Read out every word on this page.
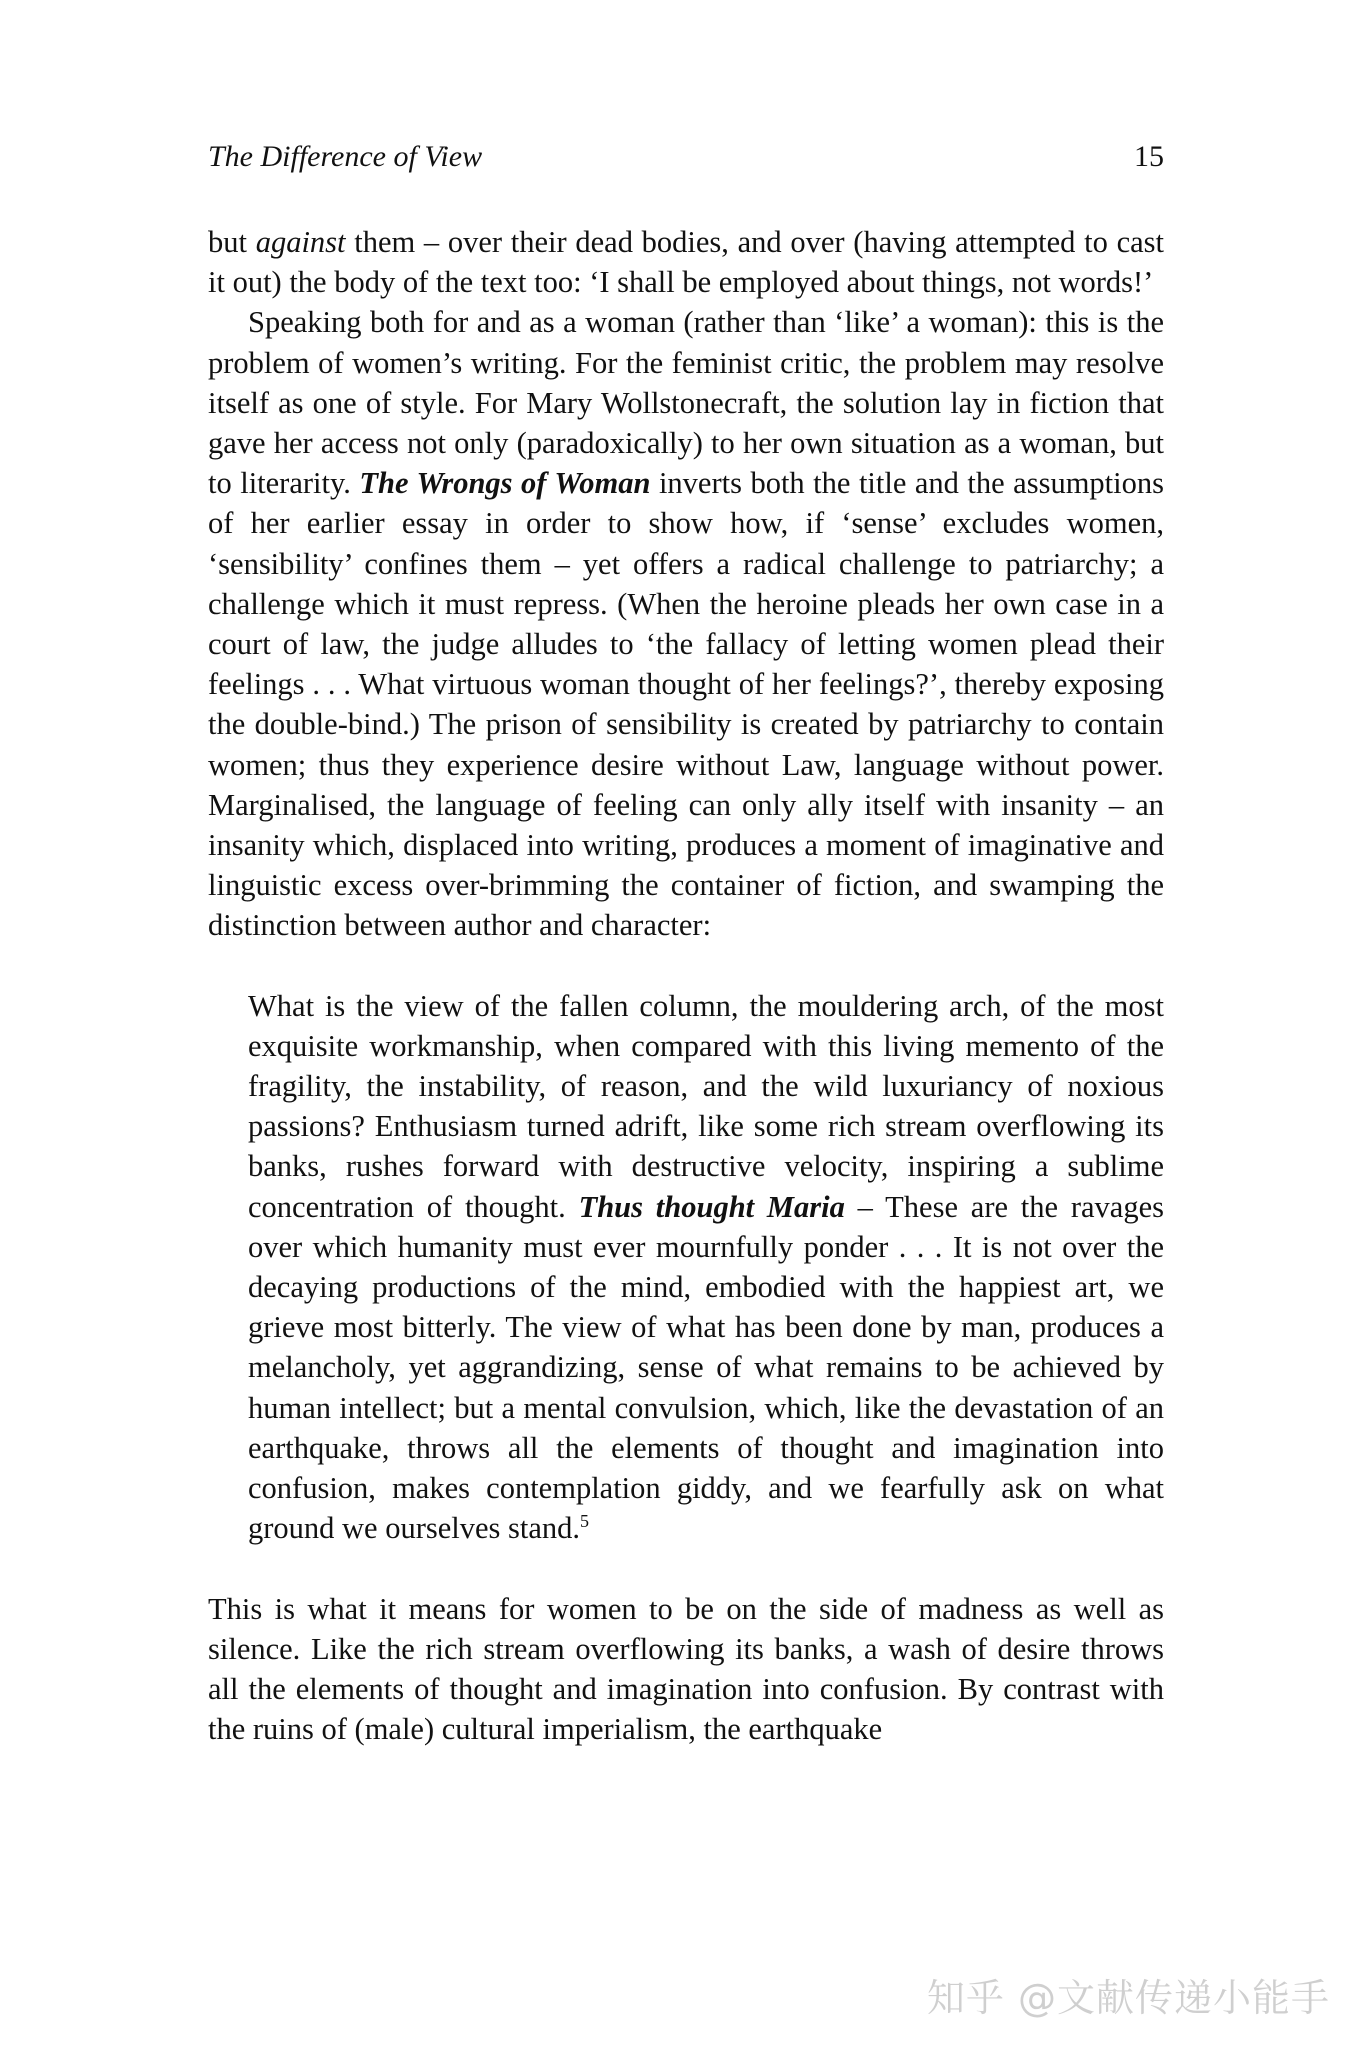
The Difference of View	15

but against them – over their dead bodies, and over (having attempted to cast it out) the body of the text too: ‘I shall be employed about things, not words!’

Speaking both for and as a woman (rather than ‘like’ a woman): this is the problem of women’s writing. For the feminist critic, the problem may resolve itself as one of style. For Mary Wollstonecraft, the solution lay in fiction that gave her access not only (paradoxically) to her own situation as a woman, but to literarity. The Wrongs of Woman inverts both the title and the assumptions of her earlier essay in order to show how, if ‘sense’ excludes women, ‘sensibility’ confines them – yet offers a radical challenge to patriarchy; a challenge which it must repress. (When the heroine pleads her own case in a court of law, the judge alludes to ‘the fallacy of letting women plead their feelings . . . What virtuous woman thought of her feelings?’, thereby exposing the double-bind.) The prison of sensibility is created by patriarchy to contain women; thus they experience desire without Law, language without power. Marginalised, the language of feeling can only ally itself with insanity – an insanity which, displaced into writing, produces a moment of imaginative and linguistic excess over-brimming the container of fiction, and swamping the distinction between author and character:

What is the view of the fallen column, the mouldering arch, of the most exquisite workmanship, when compared with this living memento of the fragility, the instability, of reason, and the wild luxuriancy of noxious passions? Enthusiasm turned adrift, like some rich stream overflowing its banks, rushes forward with destructive velocity, inspiring a sublime concentration of thought. Thus thought Maria – These are the ravages over which humanity must ever mournfully ponder . . . It is not over the decaying productions of the mind, embodied with the happiest art, we grieve most bitterly. The view of what has been done by man, produces a melancholy, yet aggrandizing, sense of what remains to be achieved by human intellect; but a mental convulsion, which, like the devastation of an earthquake, throws all the elements of thought and imagination into confusion, makes contemplation giddy, and we fearfully ask on what ground we ourselves stand.$^5$

This is what it means for women to be on the side of madness as well as silence. Like the rich stream overflowing its banks, a wash of desire throws all the elements of thought and imagination into confusion. By contrast with the ruins of (male) cultural imperialism, the earthquake

知乎 @文献传递小能手
